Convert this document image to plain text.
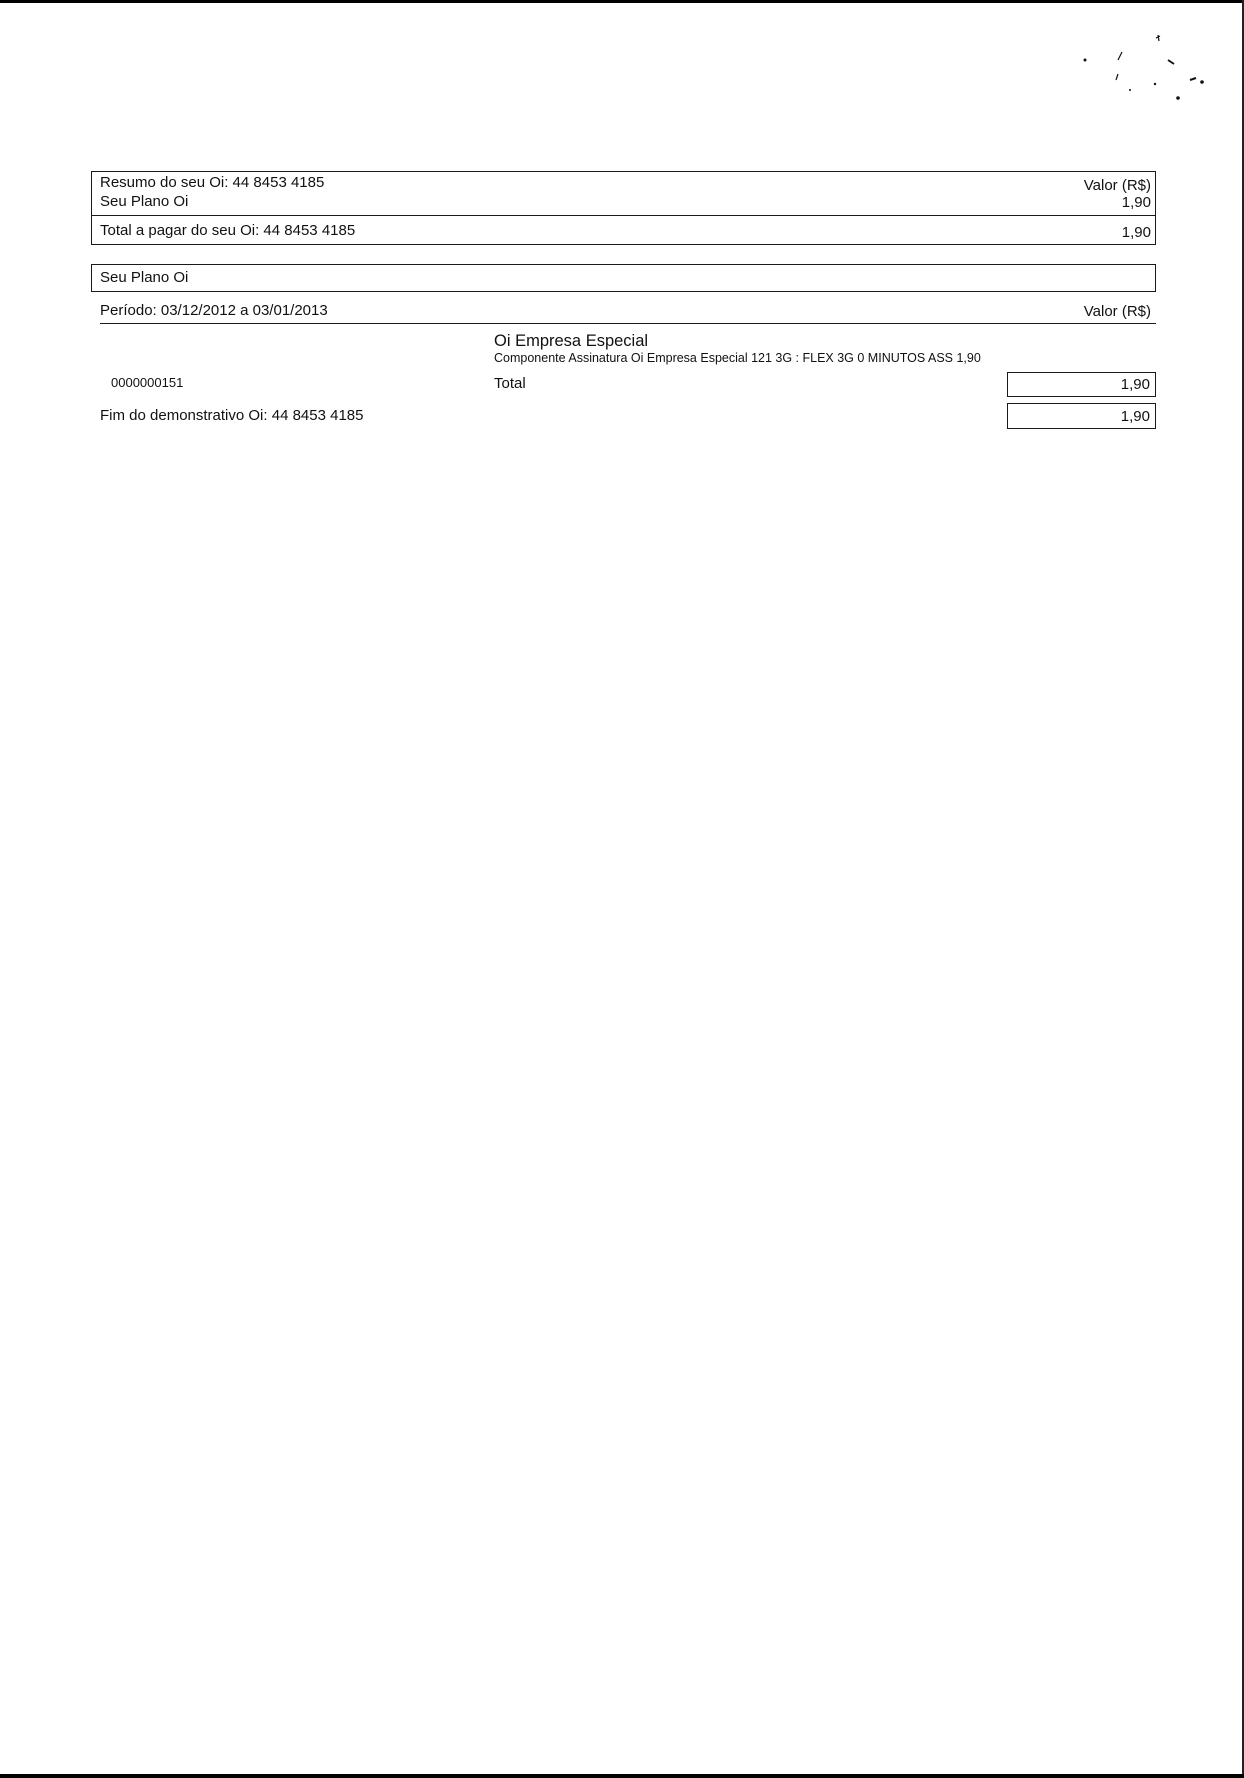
Resumo do seu Oi: 44 8453 4185	Valor (R$)
Seu Plano Oi	1,90
Total a pagar do seu Oi: 44 8453 4185	1,90
Seu Plano Oi
Período: 03/12/2012 a 03/01/2013	Valor (R$)
Oi Empresa Especial
Componente Assinatura Oi Empresa Especial 121 3G : FLEX 3G 0 MINUTOS ASS 1,90
0000000151	Total	1,90
Fim do demonstrativo Oi: 44 8453 4185	1,90
